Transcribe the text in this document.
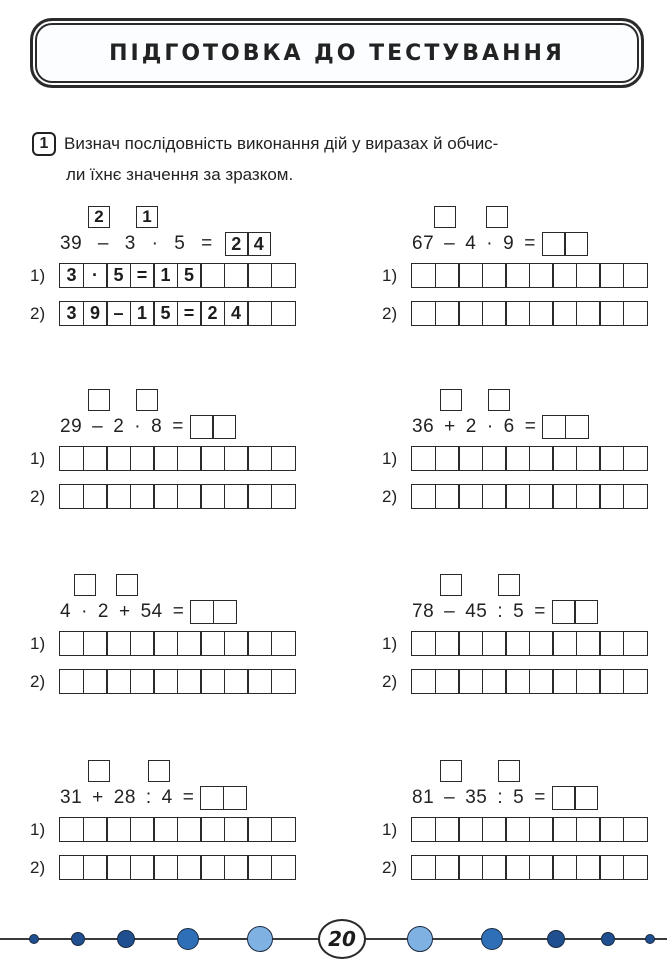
ПІДГОТОВКА ДО ТЕСТУВАННЯ
1 Визнач послідовність виконання дій у виразах й обчис-
ли їхнє значення за зразком.
2	1
39 – 3 · 5 =	2 4
1)	3 · 5 = 1 5
2)	3 9 – 1 5 = 2 4
67 – 4 · 9 =
1)
2)
29 – 2 · 8 =
1)
2)
36 + 2 · 6 =
1)
2)
4 · 2 + 54 =
1)
2)
78 – 45 : 5 =
1)
2)
31 + 28 : 4 =
1)
2)
81 – 35 : 5 =
1)
2)
20
